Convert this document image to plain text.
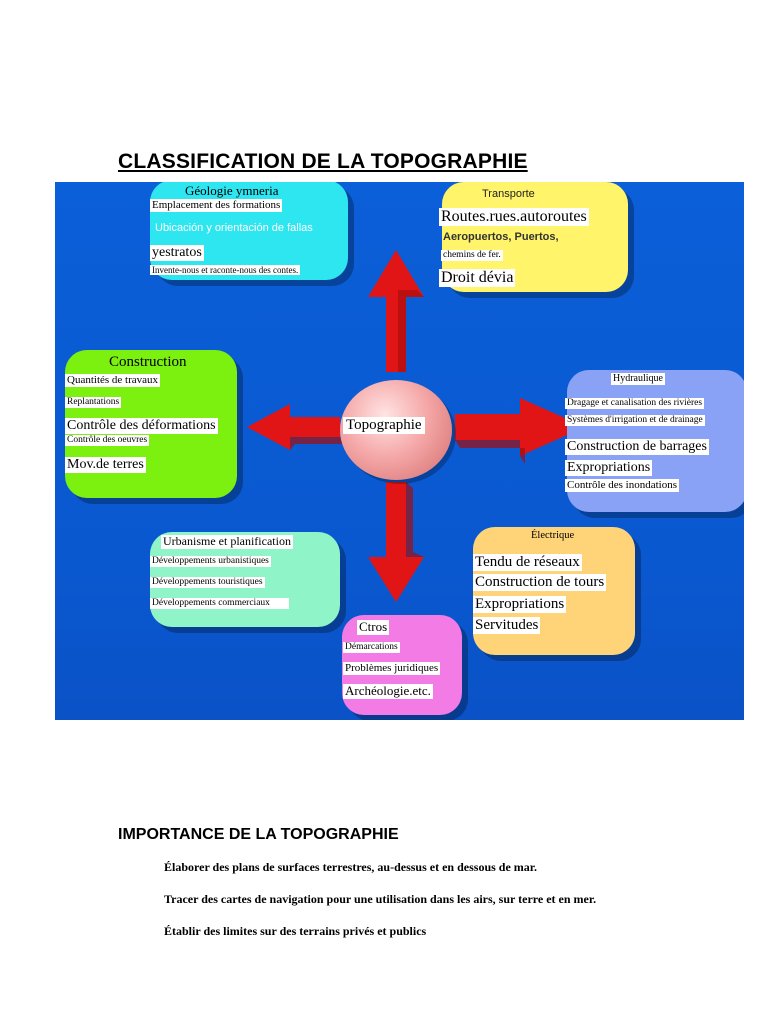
CLASSIFICATION DE LA TOPOGRAPHIE
Géologie ymneria
Emplacement des formations
Ubicación y orientación de fallas
yestratos
Invente-nous et raconte-nous des contes.
Transporte
Routes.rues.autoroutes
Aeropuertos, Puertos,
chemins de fer.
Droit dévia
Construction
Quantités de travaux
Replantations
Contrôle des déformations
Contrôle des oeuvres
Mov.de terres
Hydraulique
Dragage et canalisation des rivières
Systèmes d'irrigation et de drainage
Construction de barrages
Expropriations
Contrôle des inondations
Urbanisme et planification
Développements urbanistiques
Développements touristiques
Développements commerciaux
Électrique
Tendu de réseaux
Construction de tours
Expropriations
Servitudes
Ctros
Démarcations
Problèmes juridiques
Archéologie.etc.
Topographie
IMPORTANCE DE LA TOPOGRAPHIE
Élaborer des plans de surfaces terrestres, au-dessus et en dessous de mar.
Tracer des cartes de navigation pour une utilisation dans les airs, sur terre et en mer.
Établir des limites sur des terrains privés et publics
